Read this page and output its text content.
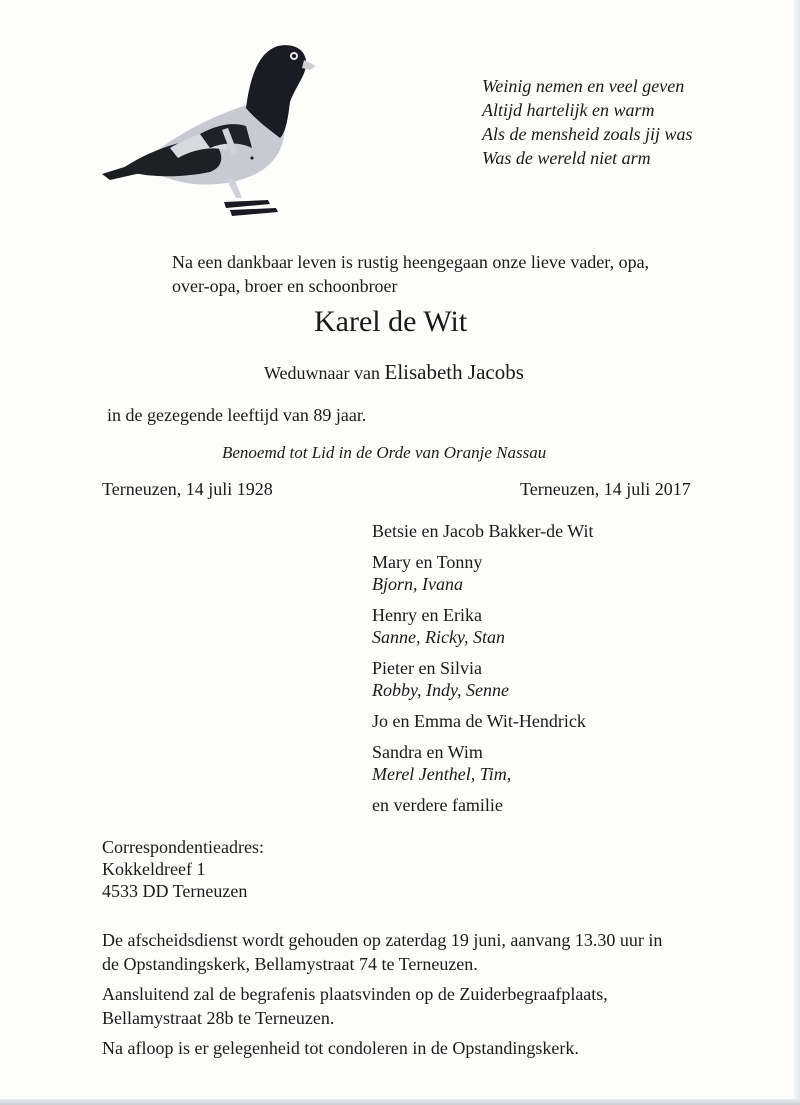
Weinig nemen en veel geven
Altijd hartelijk en warm
Als de mensheid zoals jij was
Was de wereld niet arm
Na een dankbaar leven is rustig heengegaan onze lieve vader, opa,
over-opa, broer en schoonbroer
Karel de Wit
Weduwnaar van Elisabeth Jacobs
in de gezegende leeftijd van 89 jaar.
Benoemd tot Lid in de Orde van Oranje Nassau
Terneuzen, 14 juli 1928	Terneuzen, 14 juli 2017
Betsie en Jacob Bakker-de Wit
Mary en Tonny
Bjorn, Ivana
Henry en Erika
Sanne, Ricky, Stan
Pieter en Silvia
Robby, Indy, Senne
Jo en Emma de Wit-Hendrick
Sandra en Wim
Merel Jenthel, Tim,
en verdere familie
Correspondentieadres:
Kokkeldreef 1
4533 DD Terneuzen

De afscheidsdienst wordt gehouden op zaterdag 19 juni, aanvang 13.30 uur in
de Opstandingskerk, Bellamystraat 74 te Terneuzen.

Aansluitend zal de begrafenis plaatsvinden op de Zuiderbegraafplaats,
Bellamystraat 28b te Terneuzen.

Na afloop is er gelegenheid tot condoleren in de Opstandingskerk.
